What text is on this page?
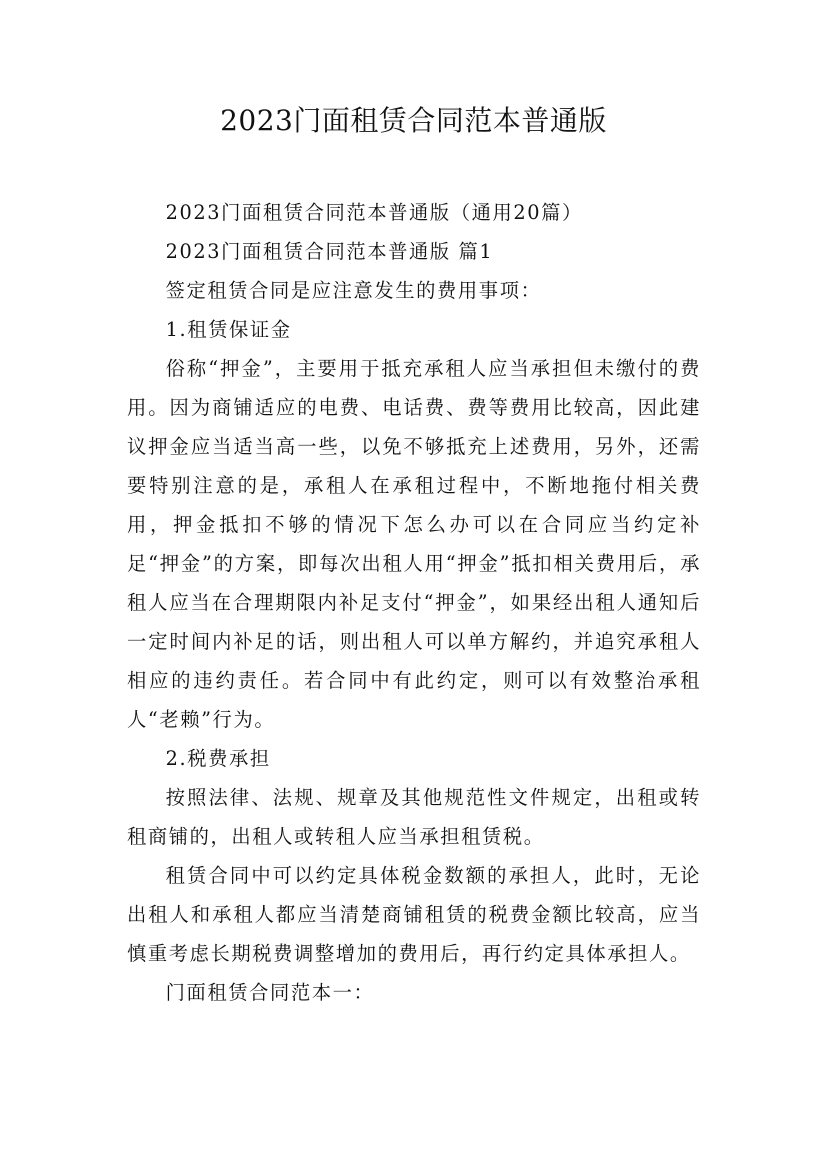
2023门面租赁合同范本普通版

2023门面租赁合同范本普通版（通用20篇）

2023门面租赁合同范本普通版 篇1

签定租赁合同是应注意发生的费用事项：

1.租赁保证金

俗称“押金”，主要用于抵充承租人应当承担但未缴付的费用。因为商铺适应的电费、电话费、费等费用比较高，因此建议押金应当适当高一些，以免不够抵充上述费用，另外，还需要特别注意的是，承租人在承租过程中，不断地拖付相关费用，押金抵扣不够的情况下怎么办可以在合同应当约定补足“押金”的方案，即每次出租人用“押金”抵扣相关费用后，承租人应当在合理期限内补足支付“押金”，如果经出租人通知后一定时间内补足的话，则出租人可以单方解约，并追究承租人相应的违约责任。若合同中有此约定，则可以有效整治承租人“老赖”行为。

2.税费承担

按照法律、法规、规章及其他规范性文件规定，出租或转租商铺的，出租人或转租人应当承担租赁税。

租赁合同中可以约定具体税金数额的承担人，此时，无论出租人和承租人都应当清楚商铺租赁的税费金额比较高，应当慎重考虑长期税费调整增加的费用后，再行约定具体承担人。

门面租赁合同范本一：
